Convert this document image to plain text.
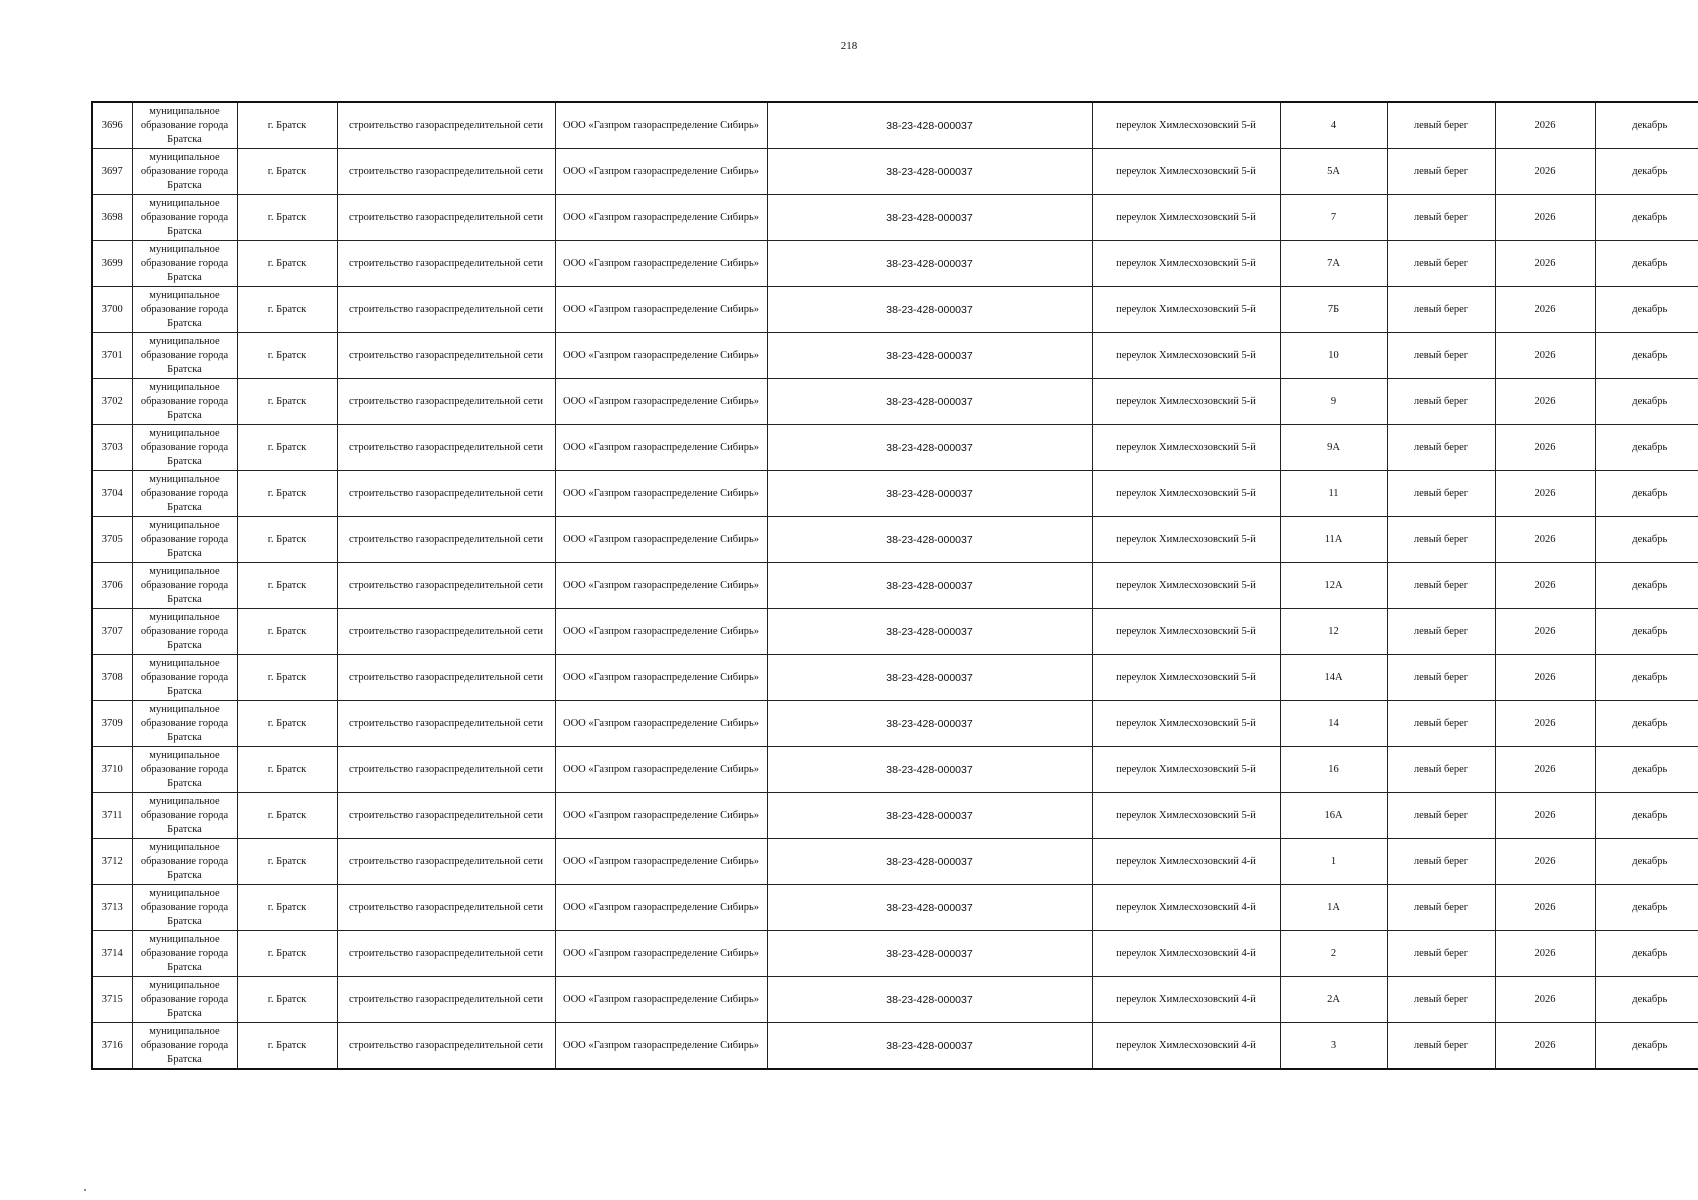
218
3696	муниципальное образование города Братска	г. Братск	строительство газораспределительной сети	ООО «Газпром газораспределение Сибирь»	38-23-428-000037	переулок Химлесхозовский 5-й	4	левый берег	2026	декабрь
3697	муниципальное образование города Братска	г. Братск	строительство газораспределительной сети	ООО «Газпром газораспределение Сибирь»	38-23-428-000037	переулок Химлесхозовский 5-й	5А	левый берег	2026	декабрь
3698	муниципальное образование города Братска	г. Братск	строительство газораспределительной сети	ООО «Газпром газораспределение Сибирь»	38-23-428-000037	переулок Химлесхозовский 5-й	7	левый берег	2026	декабрь
3699	муниципальное образование города Братска	г. Братск	строительство газораспределительной сети	ООО «Газпром газораспределение Сибирь»	38-23-428-000037	переулок Химлесхозовский 5-й	7А	левый берег	2026	декабрь
3700	муниципальное образование города Братска	г. Братск	строительство газораспределительной сети	ООО «Газпром газораспределение Сибирь»	38-23-428-000037	переулок Химлесхозовский 5-й	7Б	левый берег	2026	декабрь
3701	муниципальное образование города Братска	г. Братск	строительство газораспределительной сети	ООО «Газпром газораспределение Сибирь»	38-23-428-000037	переулок Химлесхозовский 5-й	10	левый берег	2026	декабрь
3702	муниципальное образование города Братска	г. Братск	строительство газораспределительной сети	ООО «Газпром газораспределение Сибирь»	38-23-428-000037	переулок Химлесхозовский 5-й	9	левый берег	2026	декабрь
3703	муниципальное образование города Братска	г. Братск	строительство газораспределительной сети	ООО «Газпром газораспределение Сибирь»	38-23-428-000037	переулок Химлесхозовский 5-й	9А	левый берег	2026	декабрь
3704	муниципальное образование города Братска	г. Братск	строительство газораспределительной сети	ООО «Газпром газораспределение Сибирь»	38-23-428-000037	переулок Химлесхозовский 5-й	11	левый берег	2026	декабрь
3705	муниципальное образование города Братска	г. Братск	строительство газораспределительной сети	ООО «Газпром газораспределение Сибирь»	38-23-428-000037	переулок Химлесхозовский 5-й	11А	левый берег	2026	декабрь
3706	муниципальное образование города Братска	г. Братск	строительство газораспределительной сети	ООО «Газпром газораспределение Сибирь»	38-23-428-000037	переулок Химлесхозовский 5-й	12А	левый берег	2026	декабрь
3707	муниципальное образование города Братска	г. Братск	строительство газораспределительной сети	ООО «Газпром газораспределение Сибирь»	38-23-428-000037	переулок Химлесхозовский 5-й	12	левый берег	2026	декабрь
3708	муниципальное образование города Братска	г. Братск	строительство газораспределительной сети	ООО «Газпром газораспределение Сибирь»	38-23-428-000037	переулок Химлесхозовский 5-й	14А	левый берег	2026	декабрь
3709	муниципальное образование города Братска	г. Братск	строительство газораспределительной сети	ООО «Газпром газораспределение Сибирь»	38-23-428-000037	переулок Химлесхозовский 5-й	14	левый берег	2026	декабрь
3710	муниципальное образование города Братска	г. Братск	строительство газораспределительной сети	ООО «Газпром газораспределение Сибирь»	38-23-428-000037	переулок Химлесхозовский 5-й	16	левый берег	2026	декабрь
3711	муниципальное образование города Братска	г. Братск	строительство газораспределительной сети	ООО «Газпром газораспределение Сибирь»	38-23-428-000037	переулок Химлесхозовский 5-й	16А	левый берег	2026	декабрь
3712	муниципальное образование города Братска	г. Братск	строительство газораспределительной сети	ООО «Газпром газораспределение Сибирь»	38-23-428-000037	переулок Химлесхозовский 4-й	1	левый берег	2026	декабрь
3713	муниципальное образование города Братска	г. Братск	строительство газораспределительной сети	ООО «Газпром газораспределение Сибирь»	38-23-428-000037	переулок Химлесхозовский 4-й	1А	левый берег	2026	декабрь
3714	муниципальное образование города Братска	г. Братск	строительство газораспределительной сети	ООО «Газпром газораспределение Сибирь»	38-23-428-000037	переулок Химлесхозовский 4-й	2	левый берег	2026	декабрь
3715	муниципальное образование города Братска	г. Братск	строительство газораспределительной сети	ООО «Газпром газораспределение Сибирь»	38-23-428-000037	переулок Химлесхозовский 4-й	2А	левый берег	2026	декабрь
3716	муниципальное образование города Братска	г. Братск	строительство газораспределительной сети	ООО «Газпром газораспределение Сибирь»	38-23-428-000037	переулок Химлесхозовский 4-й	3	левый берег	2026	декабрь
